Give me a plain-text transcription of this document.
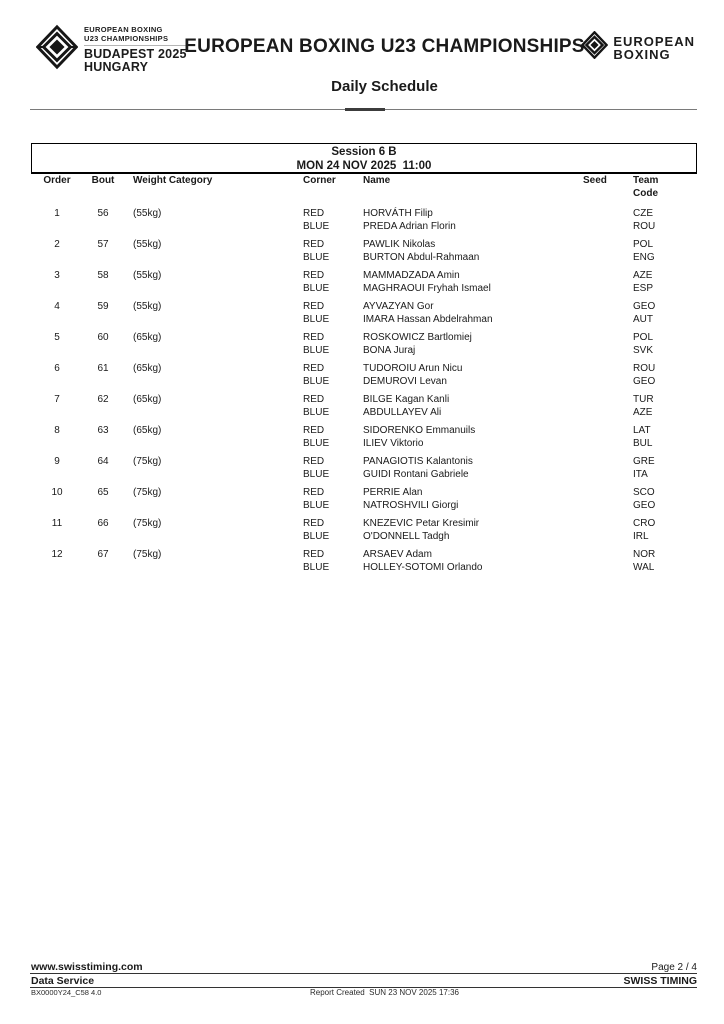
EUROPEAN BOXING
U23 CHAMPIONSHIPS
BUDAPEST 2025
HUNGARY
EUROPEAN BOXING U23 CHAMPIONSHIPS
Daily Schedule
EUROPEAN
BOXING
Session 6 B
MON 24 NOV 2025  11:00
Order	Bout	Weight Category	Corner	Name	Seed	Team
Code

1	56	(55kg)	RED	HORVÁTH Filip		CZE
			BLUE	PREDA Adrian Florin		ROU
2	57	(55kg)	RED	PAWLIK Nikolas		POL
			BLUE	BURTON Abdul-Rahmaan		ENG
3	58	(55kg)	RED	MAMMADZADA Amin		AZE
			BLUE	MAGHRAOUI Fryhah Ismael		ESP
4	59	(55kg)	RED	AYVAZYAN Gor		GEO
			BLUE	IMARA Hassan Abdelrahman		AUT
5	60	(65kg)	RED	ROSKOWICZ Bartlomiej		POL
			BLUE	BONA Juraj		SVK
6	61	(65kg)	RED	TUDOROIU Arun Nicu		ROU
			BLUE	DEMUROVI Levan		GEO
7	62	(65kg)	RED	BILGE Kagan Kanli		TUR
			BLUE	ABDULLAYEV Ali		AZE
8	63	(65kg)	RED	SIDORENKO Emmanuils		LAT
			BLUE	ILIEV Viktorio		BUL
9	64	(75kg)	RED	PANAGIOTIS Kalantonis		GRE
			BLUE	GUIDI Rontani Gabriele		ITA
10	65	(75kg)	RED	PERRIE Alan		SCO
			BLUE	NATROSHVILI Giorgi		GEO
11	66	(75kg)	RED	KNEZEVIC Petar Kresimir		CRO
			BLUE	O'DONNELL Tadgh		IRL
12	67	(75kg)	RED	ARSAEV Adam		NOR
			BLUE	HOLLEY-SOTOMI Orlando		WAL
www.swisstiming.com	Page 2 / 4
Data Service	SWISS TIMING
BX0000Y24_C58 4.0	Report Created  SUN 23 NOV 2025 17:36
